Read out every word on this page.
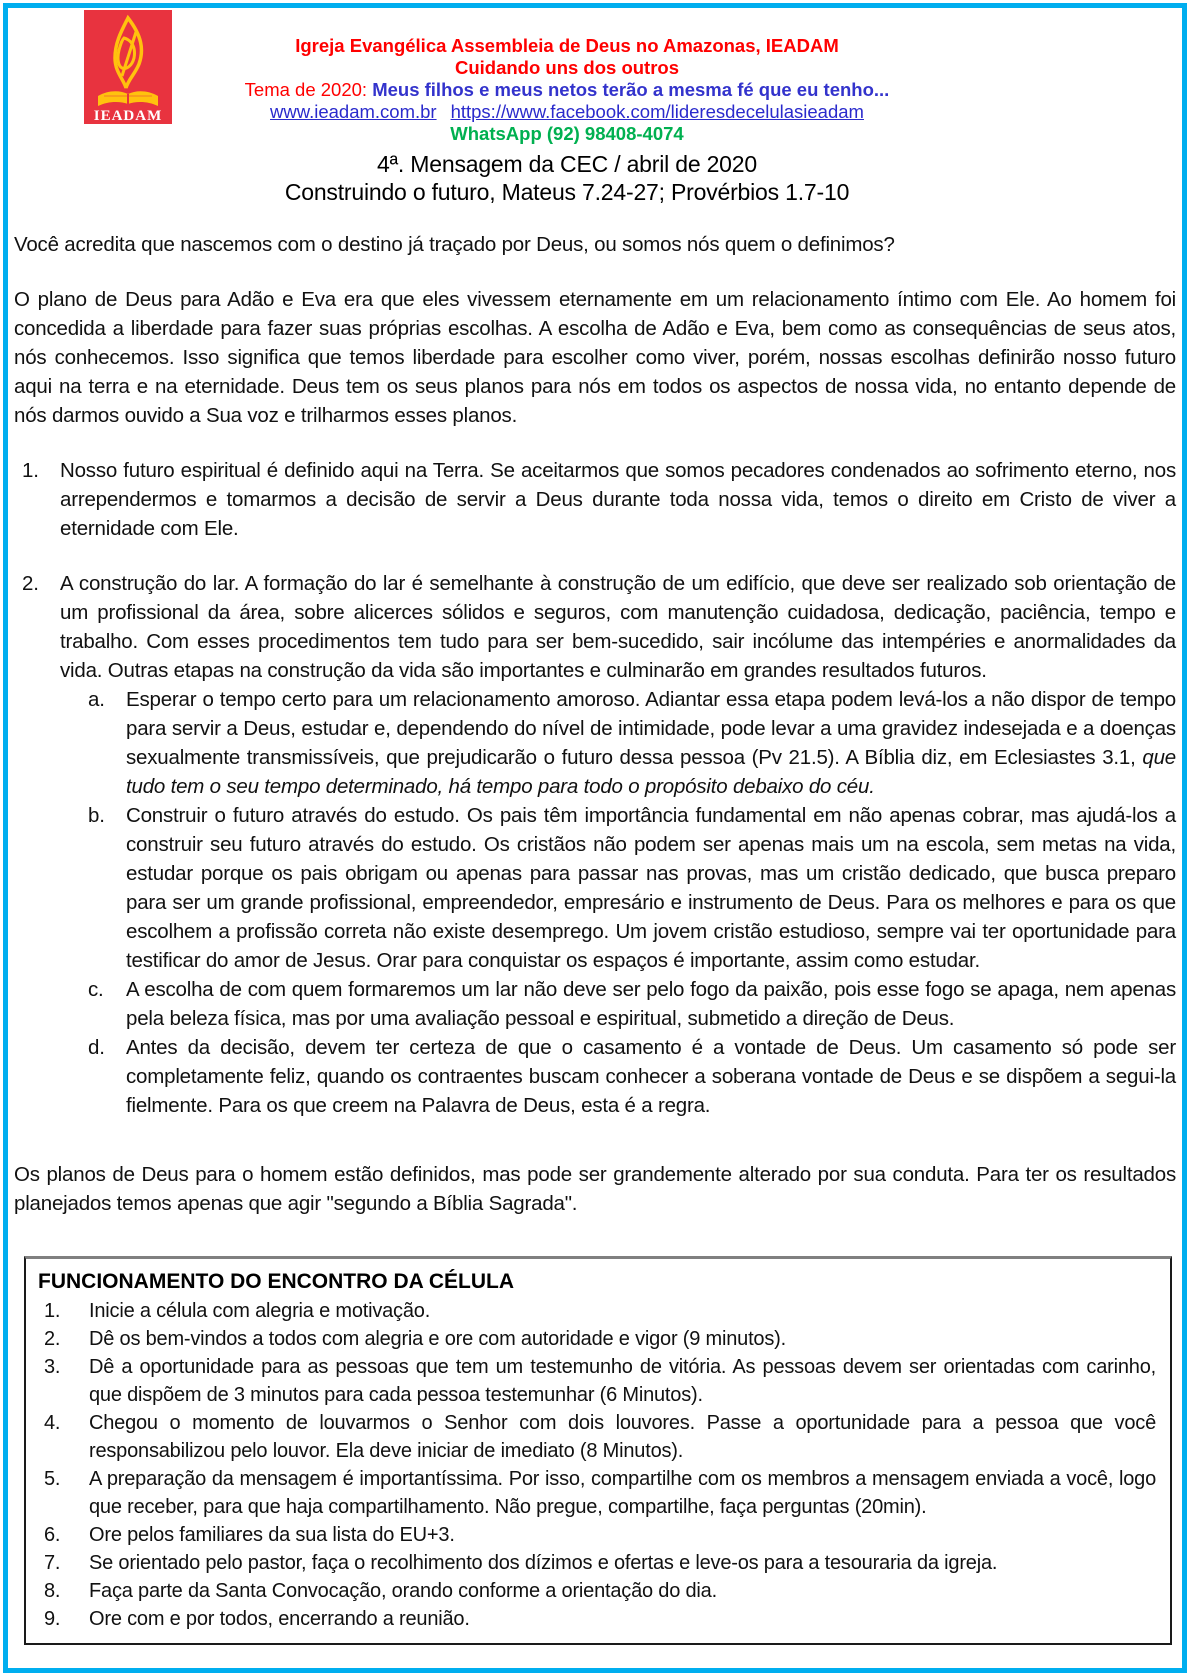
IEADAM
Igreja Evangélica Assembleia de Deus no Amazonas, IEADAM
Cuidando uns dos outros
Tema de 2020: Meus filhos e meus netos terão a mesma fé que eu tenho...
www.ieadam.com.br https://www.facebook.com/lideresdecelulasieadam
WhatsApp (92) 98408-4074
4ª. Mensagem da CEC / abril de 2020
Construindo o futuro, Mateus 7.24-27; Provérbios 1.7-10

Você acredita que nascemos com o destino já traçado por Deus, ou somos nós quem o definimos?

O plano de Deus para Adão e Eva era que eles vivessem eternamente em um relacionamento íntimo com Ele. Ao homem foi concedida a liberdade para fazer suas próprias escolhas. A escolha de Adão e Eva, bem como as consequências de seus atos, nós conhecemos. Isso significa que temos liberdade para escolher como viver, porém, nossas escolhas definirão nosso futuro aqui na terra e na eternidade. Deus tem os seus planos para nós em todos os aspectos de nossa vida, no entanto depende de nós darmos ouvido a Sua voz e trilharmos esses planos.

1.	Nosso futuro espiritual é definido aqui na Terra. Se aceitarmos que somos pecadores condenados ao sofrimento eterno, nos arrependermos e tomarmos a decisão de servir a Deus durante toda nossa vida, temos o direito em Cristo de viver a eternidade com Ele.
2.	A construção do lar. A formação do lar é semelhante à construção de um edifício, que deve ser realizado sob orientação de um profissional da área, sobre alicerces sólidos e seguros, com manutenção cuidadosa, dedicação, paciência, tempo e trabalho. Com esses procedimentos tem tudo para ser bem-sucedido, sair incólume das intempéries e anormalidades da vida. Outras etapas na construção da vida são importantes e culminarão em grandes resultados futuros.
a.	Esperar o tempo certo para um relacionamento amoroso. Adiantar essa etapa podem levá-los a não dispor de tempo para servir a Deus, estudar e, dependendo do nível de intimidade, pode levar a uma gravidez indesejada e a doenças sexualmente transmissíveis, que prejudicarão o futuro dessa pessoa (Pv 21.5). A Bíblia diz, em Eclesiastes 3.1, que tudo tem o seu tempo determinado, há tempo para todo o propósito debaixo do céu.
b.	Construir o futuro através do estudo. Os pais têm importância fundamental em não apenas cobrar, mas ajudá-los a construir seu futuro através do estudo. Os cristãos não podem ser apenas mais um na escola, sem metas na vida, estudar porque os pais obrigam ou apenas para passar nas provas, mas um cristão dedicado, que busca preparo para ser um grande profissional, empreendedor, empresário e instrumento de Deus. Para os melhores e para os que escolhem a profissão correta não existe desemprego. Um jovem cristão estudioso, sempre vai ter oportunidade para testificar do amor de Jesus. Orar para conquistar os espaços é importante, assim como estudar.
c.	A escolha de com quem formaremos um lar não deve ser pelo fogo da paixão, pois esse fogo se apaga, nem apenas pela beleza física, mas por uma avaliação pessoal e espiritual, submetido a direção de Deus.
d.	Antes da decisão, devem ter certeza de que o casamento é a vontade de Deus. Um casamento só pode ser completamente feliz, quando os contraentes buscam conhecer a soberana vontade de Deus e se dispõem a segui-la fielmente. Para os que creem na Palavra de Deus, esta é a regra.

Os planos de Deus para o homem estão definidos, mas pode ser grandemente alterado por sua conduta. Para ter os resultados planejados temos apenas que agir "segundo a Bíblia Sagrada".

FUNCIONAMENTO DO ENCONTRO DA CÉLULA
1.	Inicie a célula com alegria e motivação.
2.	Dê os bem-vindos a todos com alegria e ore com autoridade e vigor (9 minutos).
3.	Dê a oportunidade para as pessoas que tem um testemunho de vitória. As pessoas devem ser orientadas com carinho, que dispõem de 3 minutos para cada pessoa testemunhar (6 Minutos).
4.	Chegou o momento de louvarmos o Senhor com dois louvores. Passe a oportunidade para a pessoa que você responsabilizou pelo louvor. Ela deve iniciar de imediato (8 Minutos).
5.	A preparação da mensagem é importantíssima. Por isso, compartilhe com os membros a mensagem enviada a você, logo que receber, para que haja compartilhamento. Não pregue, compartilhe, faça perguntas (20min).
6.	Ore pelos familiares da sua lista do EU+3.
7.	Se orientado pelo pastor, faça o recolhimento dos dízimos e ofertas e leve-os para a tesouraria da igreja.
8.	Faça parte da Santa Convocação, orando conforme a orientação do dia.
9.	Ore com e por todos, encerrando a reunião.
